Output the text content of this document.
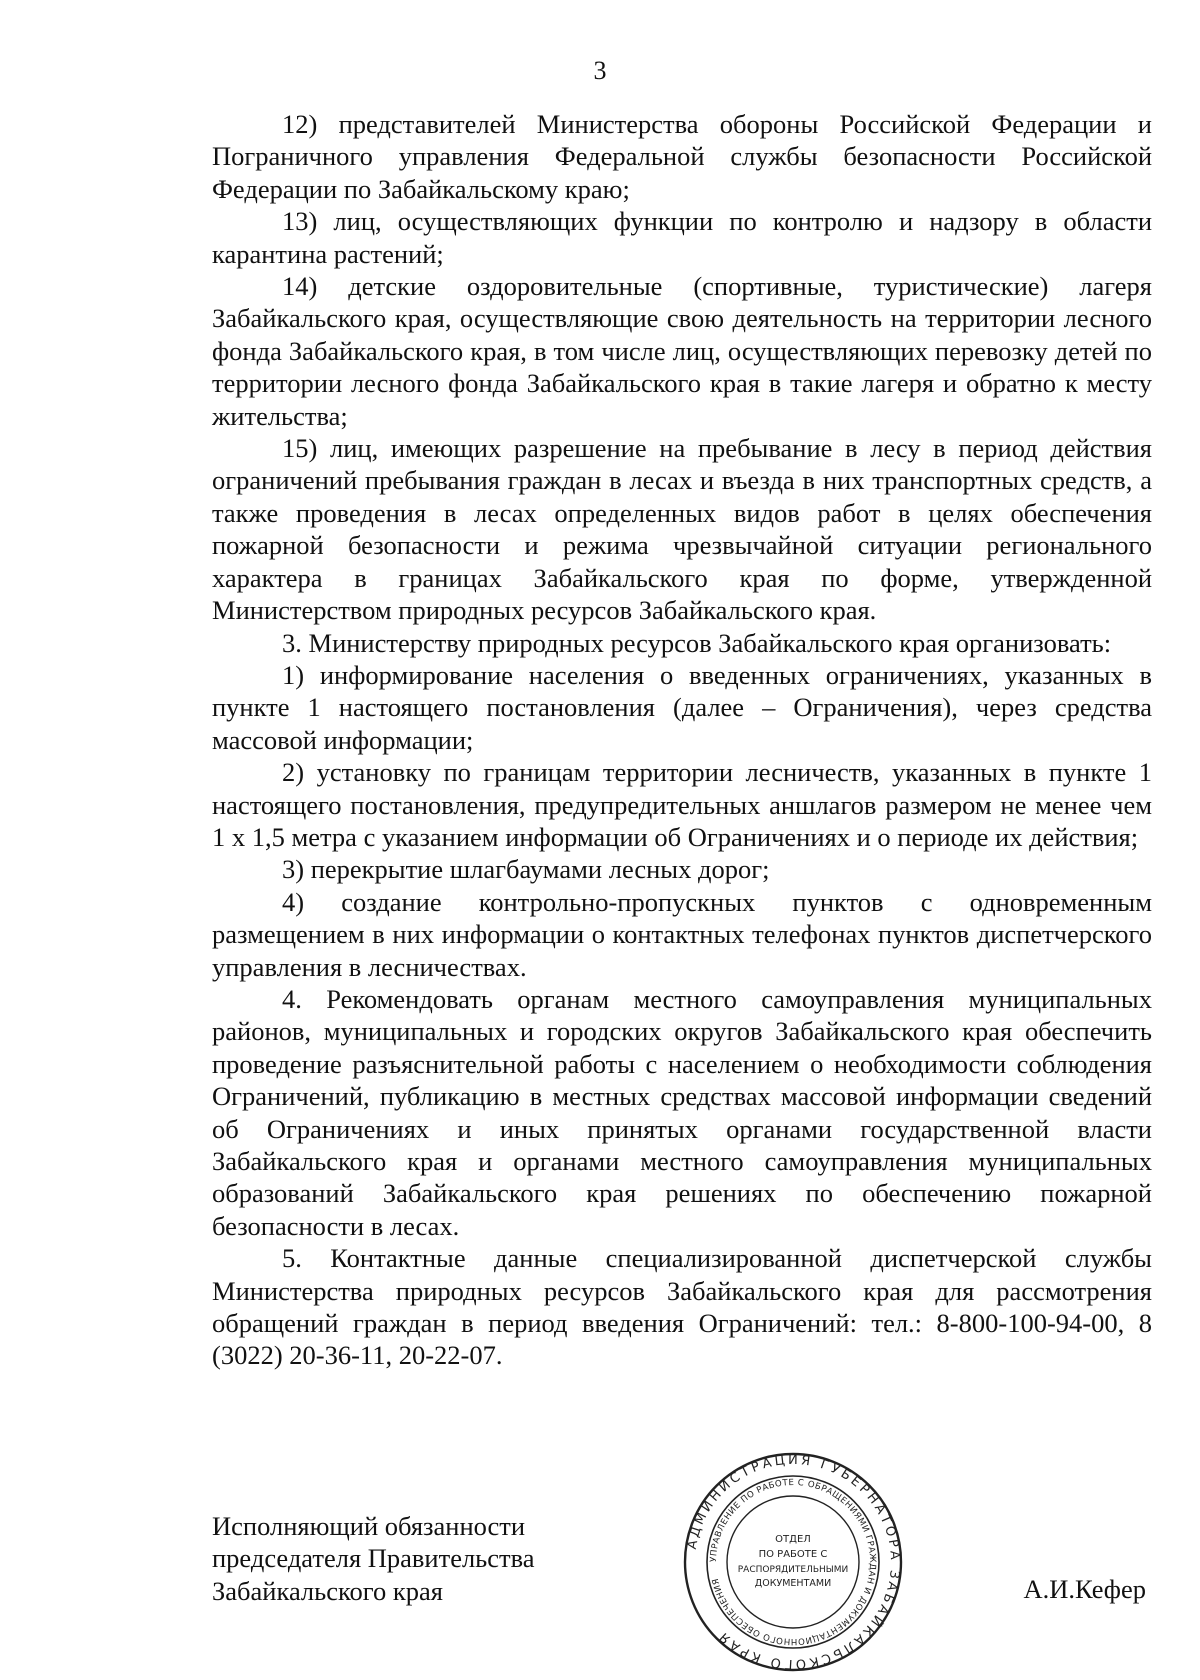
3

12) представителей Министерства обороны Российской Федерации и Пограничного управления Федеральной службы безопасности Российской Федерации по Забайкальскому краю;

13) лиц, осуществляющих функции по контролю и надзору в области карантина растений;

14) детские оздоровительные (спортивные, туристические) лагеря Забайкальского края, осуществляющие свою деятельность на территории лесного фонда Забайкальского края, в том числе лиц, осуществляющих перевозку детей по территории лесного фонда Забайкальского края в такие лагеря и обратно к месту жительства;

15) лиц, имеющих разрешение на пребывание в лесу в период действия ограничений пребывания граждан в лесах и въезда в них транспортных средств, а также проведения в лесах определенных видов работ в целях обеспечения пожарной безопасности и режима чрезвычайной ситуации регионального характера в границах Забайкальского края по форме, утвержденной Министерством природных ресурсов Забайкальского края.

3. Министерству природных ресурсов Забайкальского края организовать:

1) информирование населения о введенных ограничениях, указанных в пункте 1 настоящего постановления (далее – Ограничения), через средства массовой информации;

2) установку по границам территории лесничеств, указанных в пункте 1 настоящего постановления, предупредительных аншлагов размером не менее чем 1 х 1,5 метра с указанием информации об Ограничениях и о периоде их действия;

3) перекрытие шлагбаумами лесных дорог;

4) создание контрольно-пропускных пунктов с одновременным размещением в них информации о контактных телефонах пунктов диспетчерского управления в лесничествах.

4. Рекомендовать органам местного самоуправления муниципальных районов, муниципальных и городских округов Забайкальского края обеспечить проведение разъяснительной работы с населением о необходимости соблюдения Ограничений, публикацию в местных средствах массовой информации сведений об Ограничениях и иных принятых органами государственной власти Забайкальского края и органами местного самоуправления муниципальных образований Забайкальского края решениях по обеспечению пожарной безопасности в лесах.

5. Контактные данные специализированной диспетчерской службы Министерства природных ресурсов Забайкальского края для рассмотрения обращений граждан в период введения Ограничений: тел.: 8-800-100-94-00, 8 (3022) 20-36-11, 20-22-07.

Исполняющий обязанности
председателя Правительства
Забайкальского края	А.И.Кефер
АДМИНИСТРАЦИЯ ГУБЕРНАТОРА ЗАБАЙКАЛЬСКОГО КРАЯ
УПРАВЛЕНИЕ ПО РАБОТЕ С ОБРАЩЕНИЯМИ ГРАЖДАН И ДОКУМЕНТАЦИОННОГО ОБЕСПЕЧЕНИЯ
ОТДЕЛ
ПО РАБОТЕ С
РАСПОРЯДИТЕЛЬНЫМИ
ДОКУМЕНТАМИ
